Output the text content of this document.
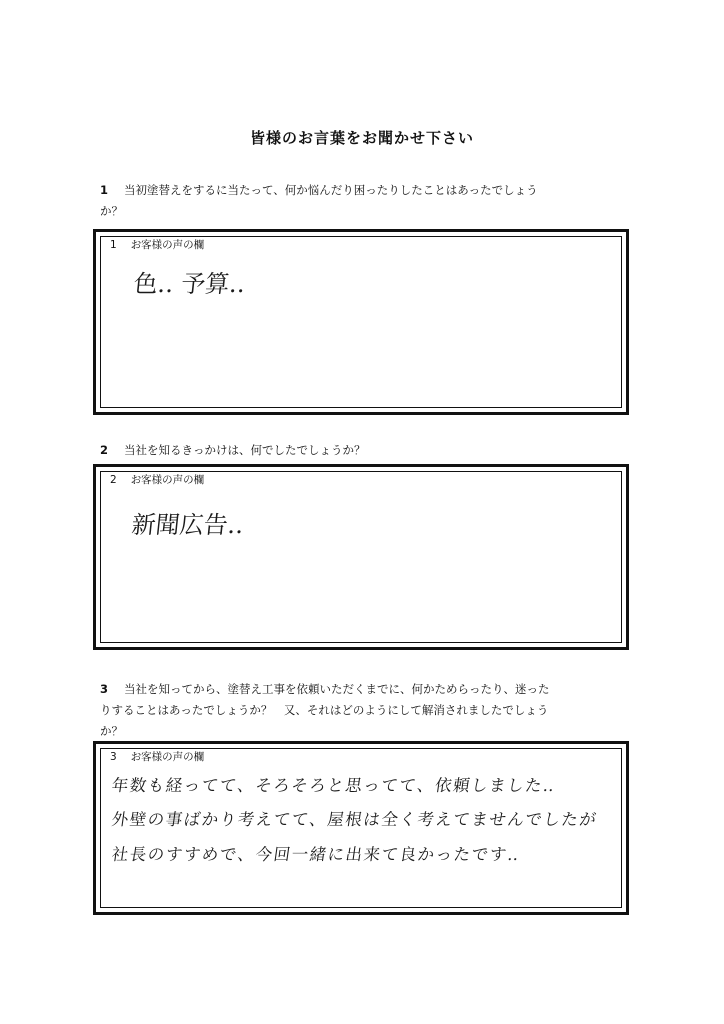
皆様のお言葉をお聞かせ下さい
1 当初塗替えをするに当たって、何か悩んだり困ったりしたことはあったでしょう
か？
1 お客様の声の欄
色‥ 予算‥
2 当社を知るきっかけは、何でしたでしょうか？
2 お客様の声の欄
新聞広告‥
3 当社を知ってから、塗替え工事を依頼いただくまでに、何かためらったり、迷った
りすることはあったでしょうか？　又、それはどのようにして解消されましたでしょう
か？
3 お客様の声の欄
年数も経ってて、そろそろと思ってて、依頼しました‥
外壁の事ばかり考えてて、屋根は全く考えてませんでしたが
社長のすすめで、今回一緒に出来て良かったです‥
